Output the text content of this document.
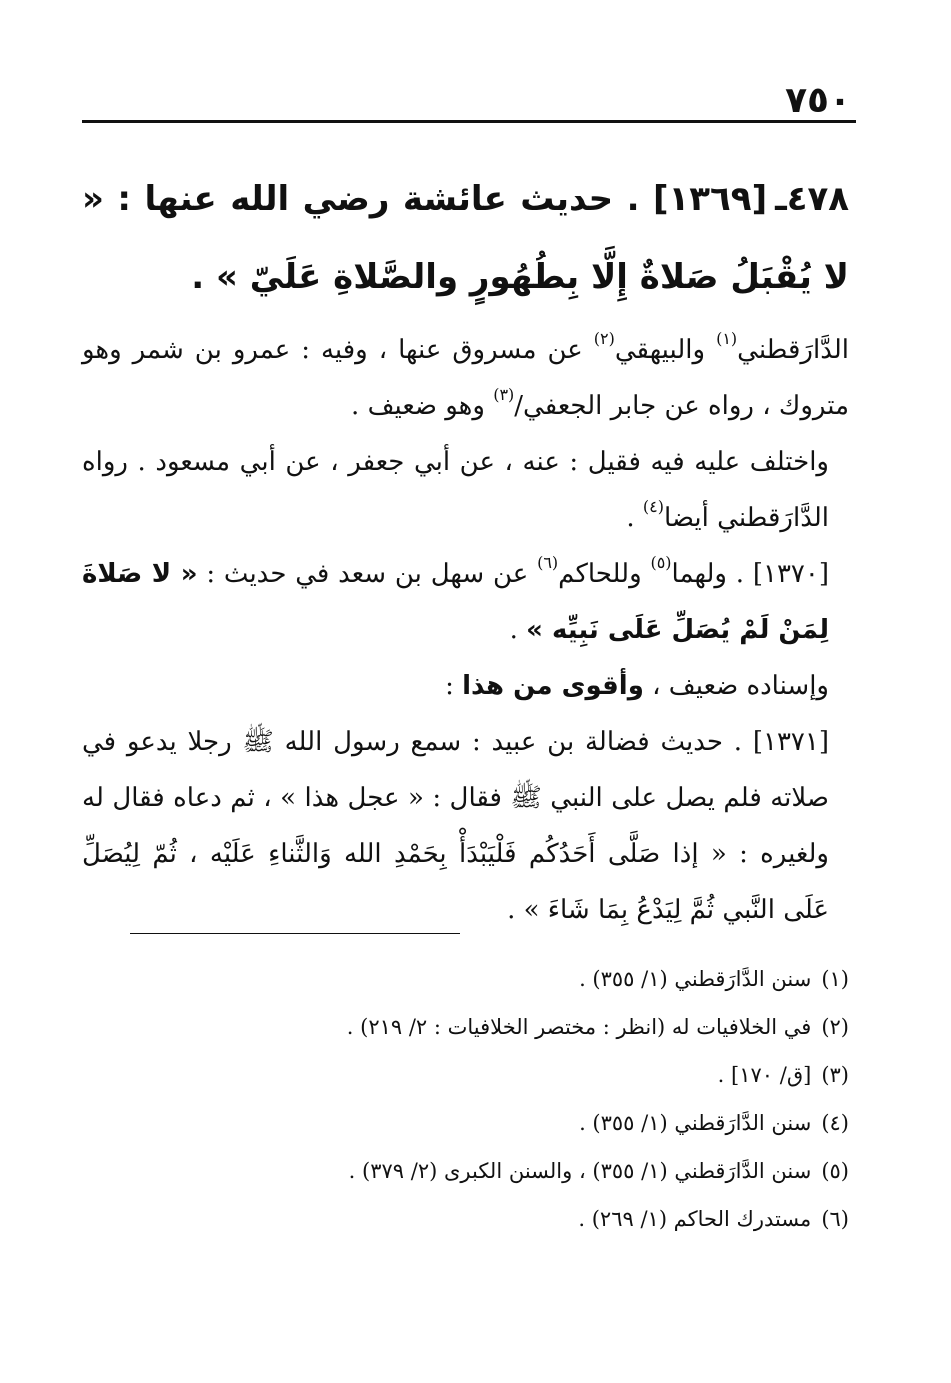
٧٥٠

٤٧٨ـ[١٣٦٩] . حديث عائشة رضي الله عنها : « لا يُقْبَلُ صَلاةٌ إِلَّا بِطُهُورٍ والصَّلاةِ عَلَيّ » .

الدَّارَقطني$^{(١)}$ والبيهقي$^{(٢)}$ عن مسروق عنها ، وفيه : عمرو بن شمر وهو متروك ، رواه عن جابر الجعفي/$^{(٣)}$ وهو ضعيف .

واختلف عليه فيه فقيل : عنه ، عن أبي جعفر ، عن أبي مسعود . رواه الدَّارَقطني أيضا$^{(٤)}$ .

[١٣٧٠] . ولهما$^{(٥)}$ وللحاكم$^{(٦)}$ عن سهل بن سعد في حديث : « لا صَلاةَ لِمَنْ لَمْ يُصَلِّ عَلَى نَبِيِّه » .

وإسناده ضعيف ، وأقوى من هذا :

[١٣٧١] . حديث فضالة بن عبيد : سمع رسول الله ﷺ رجلا يدعو في صلاته فلم يصل على النبي ﷺ فقال : « عجل هذا » ، ثم دعاه فقال له ولغيره : « إذا صَلَّى أَحَدُكُم فَلْيَبْدَأْ بِحَمْدِ الله وَالثَّناءِ عَلَيْه ، ثُمّ لِيُصَلِّ عَلَى النَّبي ثُمَّ لِيَدْعُ بِمَا شَاءَ » .

(١)سنن الدَّارَقطني (١/ ٣٥٥) .
(٢)في الخلافيات له (انظر : مختصر الخلافيات : ٢/ ٢١٩) .
(٣)[ق/ ١٧٠] .
(٤)سنن الدَّارَقطني (١/ ٣٥٥) .
(٥)سنن الدَّارَقطني (١/ ٣٥٥) ، والسنن الكبرى (٢/ ٣٧٩) .
(٦)مستدرك الحاكم (١/ ٢٦٩) .
